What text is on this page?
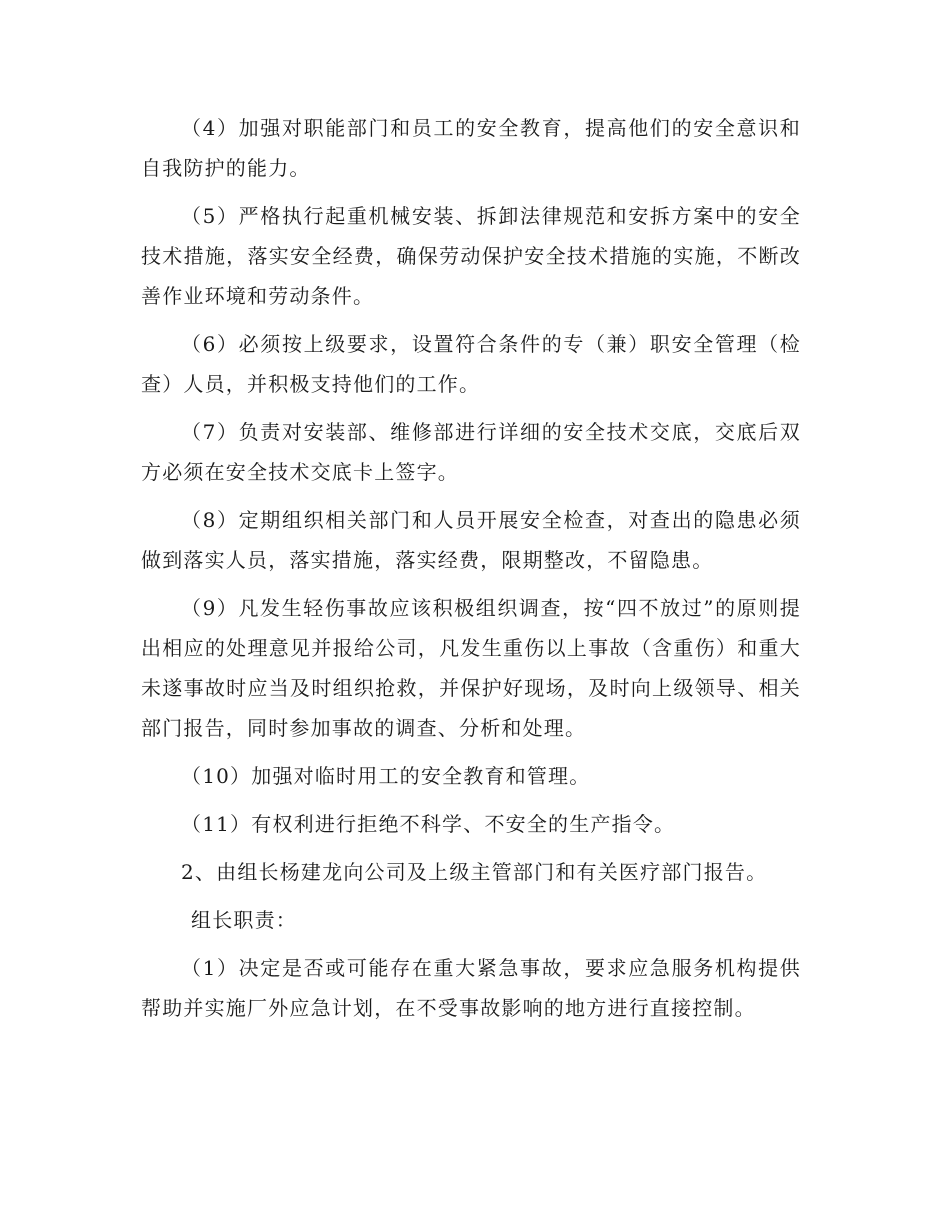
（4）加强对职能部门和员工的安全教育，提高他们的安全意识和自我防护的能力。

（5）严格执行起重机械安装、拆卸法律规范和安拆方案中的安全技术措施，落实安全经费，确保劳动保护安全技术措施的实施，不断改善作业环境和劳动条件。

（6）必须按上级要求，设置符合条件的专（兼）职安全管理（检查）人员，并积极支持他们的工作。

（7）负责对安装部、维修部进行详细的安全技术交底，交底后双方必须在安全技术交底卡上签字。

（8）定期组织相关部门和人员开展安全检查，对查出的隐患必须做到落实人员，落实措施，落实经费，限期整改，不留隐患。

（9）凡发生轻伤事故应该积极组织调查，按“四不放过”的原则提出相应的处理意见并报给公司，凡发生重伤以上事故（含重伤）和重大未遂事故时应当及时组织抢救，并保护好现场，及时向上级领导、相关部门报告，同时参加事故的调查、分析和处理。

（10）加强对临时用工的安全教育和管理。

（11）有权利进行拒绝不科学、不安全的生产指令。

2、由组长杨建龙向公司及上级主管部门和有关医疗部门报告。

组长职责：

（1）决定是否或可能存在重大紧急事故，要求应急服务机构提供帮助并实施厂外应急计划，在不受事故影响的地方进行直接控制。
